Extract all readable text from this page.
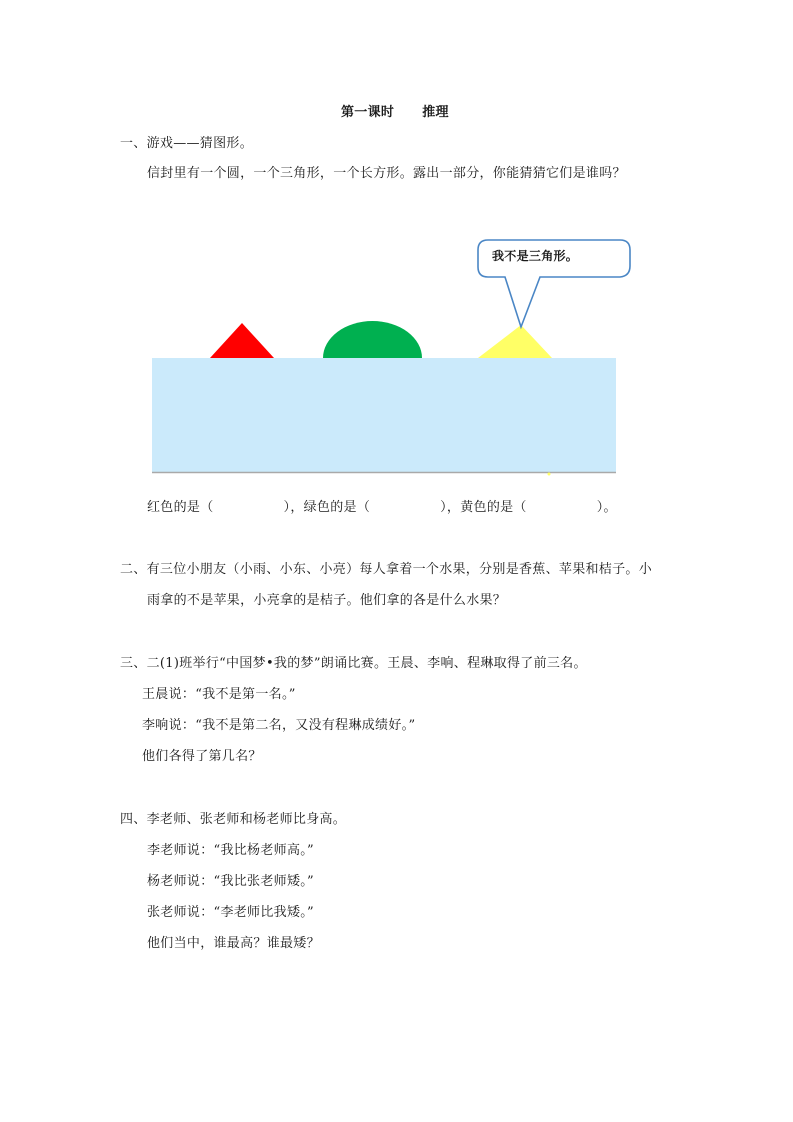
第一课时 推理
一、游戏——猜图形。
信封里有一个圆，一个三角形，一个长方形。露出一部分，你能猜猜它们是谁吗？
我不是三角形。
红色的是（	），绿色的是（	），黄色的是（	）。
二、有三位小朋友（小雨、小东、小亮）每人拿着一个水果，分别是香蕉、苹果和桔子。小
雨拿的不是苹果，小亮拿的是桔子。他们拿的各是什么水果？
三、二(1)班举行“中国梦•我的梦”朗诵比赛。王晨、李响、程琳取得了前三名。
王晨说：“我不是第一名。”
李响说：“我不是第二名，又没有程琳成绩好。”
他们各得了第几名？
四、李老师、张老师和杨老师比身高。
李老师说：“我比杨老师高。”
杨老师说：“我比张老师矮。”
张老师说：“李老师比我矮。”
他们当中，谁最高？谁最矮？
